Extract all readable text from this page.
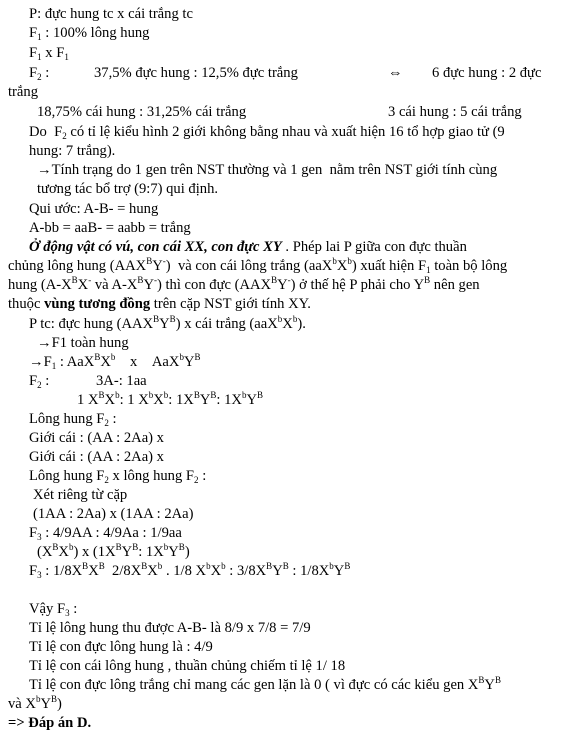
P: đực hung tc x cái trắng tc
$F_1$ : 100% lông hung
$F_1$ x $F_1$
$F_2$ :	37,5% đực hung : 12,5% đực trắng	⇔ 6 đực hung : 2 đực
trắng
18,75% cái hung : 31,25% cái trắng	3 cái hung : 5 cái trắng
Do  $F_2$ có tỉ lệ kiểu hình 2 giới không bằng nhau và xuất hiện 16 tổ hợp giao tử (9
hung: 7 trắng).
→Tính trạng do 1 gen trên NST thường và 1 gen  nằm trên NST giới tính cùng
tương tác bổ trợ (9:7) qui định.
Qui ước: A-B- = hung
A-bb = aaB- = aabb = trắng
Ở động vật có vú, con cái XX, con đực XY . Phép lai P giữa con đực thuần
chủng lông hung $(AAX^BY^-)$  và con cái lông trắng $(aaX^bX^b)$ xuất hiện $F_1$ toàn bộ lông
hung ($A-X^BX^-$ và $A-X^BY^-$) thì con đực $(AAX^BY^-)$ ở thế hệ P phải cho $Y^B$ nên gen
thuộc vùng tương đồng trên cặp NST giới tính XY.
P tc: đực hung $(AAX^BY^B)$ x cái trắng $(aaX^bX^b)$.
→F1 toàn hung
$\to F_1$ : $AaX^BX^b$    x    $AaX^bY^B$
$F_2$ :	3A-: 1aa
1 $X^BX^b$: 1 $X^bX^b$: $1X^BY^B$: $1X^bY^B$
Lông hung $F_2$ :
Giới cái : (AA : 2Aa) x
Giới cái : (AA : 2Aa) x
Lông hung $F_2$ x lông hung $F_2$ :
Xét riêng từ cặp
(1AA : 2Aa) x (1AA : 2Aa)
$F_3$ : 4/9AA : 4/9Aa : 1/9aa
$(X^BX^b)$ x ($1X^BY^B$: $1X^bY^B$)
$F_3$ : $1/8X^BX^B$  $2/8X^BX^b$ . 1/8 $X^bX^b$ : $3/8X^BY^B$ : $1/8X^bY^B$
Vậy $F_3$ :
Tỉ lệ lông hung thu được A-B- là 8/9 x 7/8 = 7/9
Tỉ lệ con đực lông hung là : 4/9
Tỉ lệ con cái lông hung , thuần chủng chiếm tỉ lệ 1/ 18
Tỉ lệ con đực lông trắng chỉ mang các gen lặn là 0 ( vì đực có các kiểu gen $X^BY^B$
và $X^bY^B$)
=> Đáp án D.
